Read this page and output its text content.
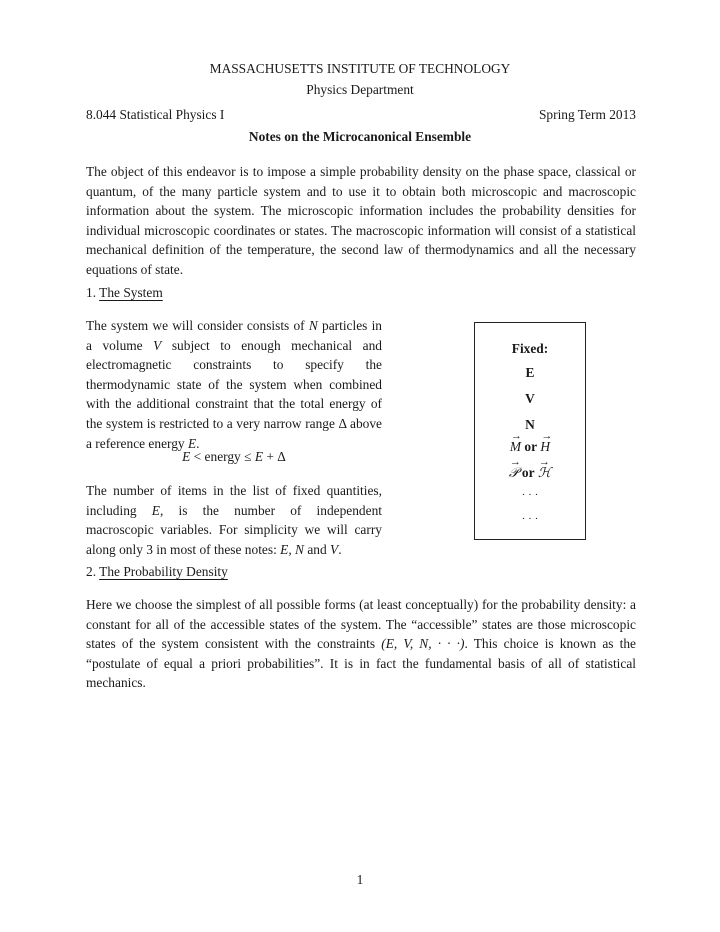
MASSACHUSETTS INSTITUTE OF TECHNOLOGY
Physics Department
8.044 Statistical Physics I	Spring Term 2013
Notes on the Microcanonical Ensemble

The object of this endeavor is to impose a simple probability density on the phase space, classical or quantum, of the many particle system and to use it to obtain both microscopic and macroscopic information about the system. The microscopic information includes the probability densities for individual microscopic coordinates or states. The macroscopic information will consist of a statistical mechanical definition of the temperature, the second law of thermodynamics and all the necessary equations of state.

1. The System

The system we will consider consists of N particles in a volume V subject to enough mechanical and electromagnetic constraints to specify the thermodynamic state of the system when combined with the additional constraint that the total energy of the system is restricted to a very narrow range Δ above a reference energy E.

E < energy ≤ E + Δ

The number of items in the list of fixed quantities, including E, is the number of independent macroscopic variables. For simplicity we will carry along only 3 in most of these notes: E, N and V.

Fixed:
E
V
N
→
M or
→
H
→
𝒫 or
→
ℋ
· · ·
· · ·
2. The Probability Density

Here we choose the simplest of all possible forms (at least conceptually) for the probability density: a constant for all of the accessible states of the system. The “accessible” states are those microscopic states of the system consistent with the constraints (E, V, N, · · ·). This choice is known as the “postulate of equal a priori probabilities”. It is in fact the fundamental basis of all of statistical mechanics.

1
